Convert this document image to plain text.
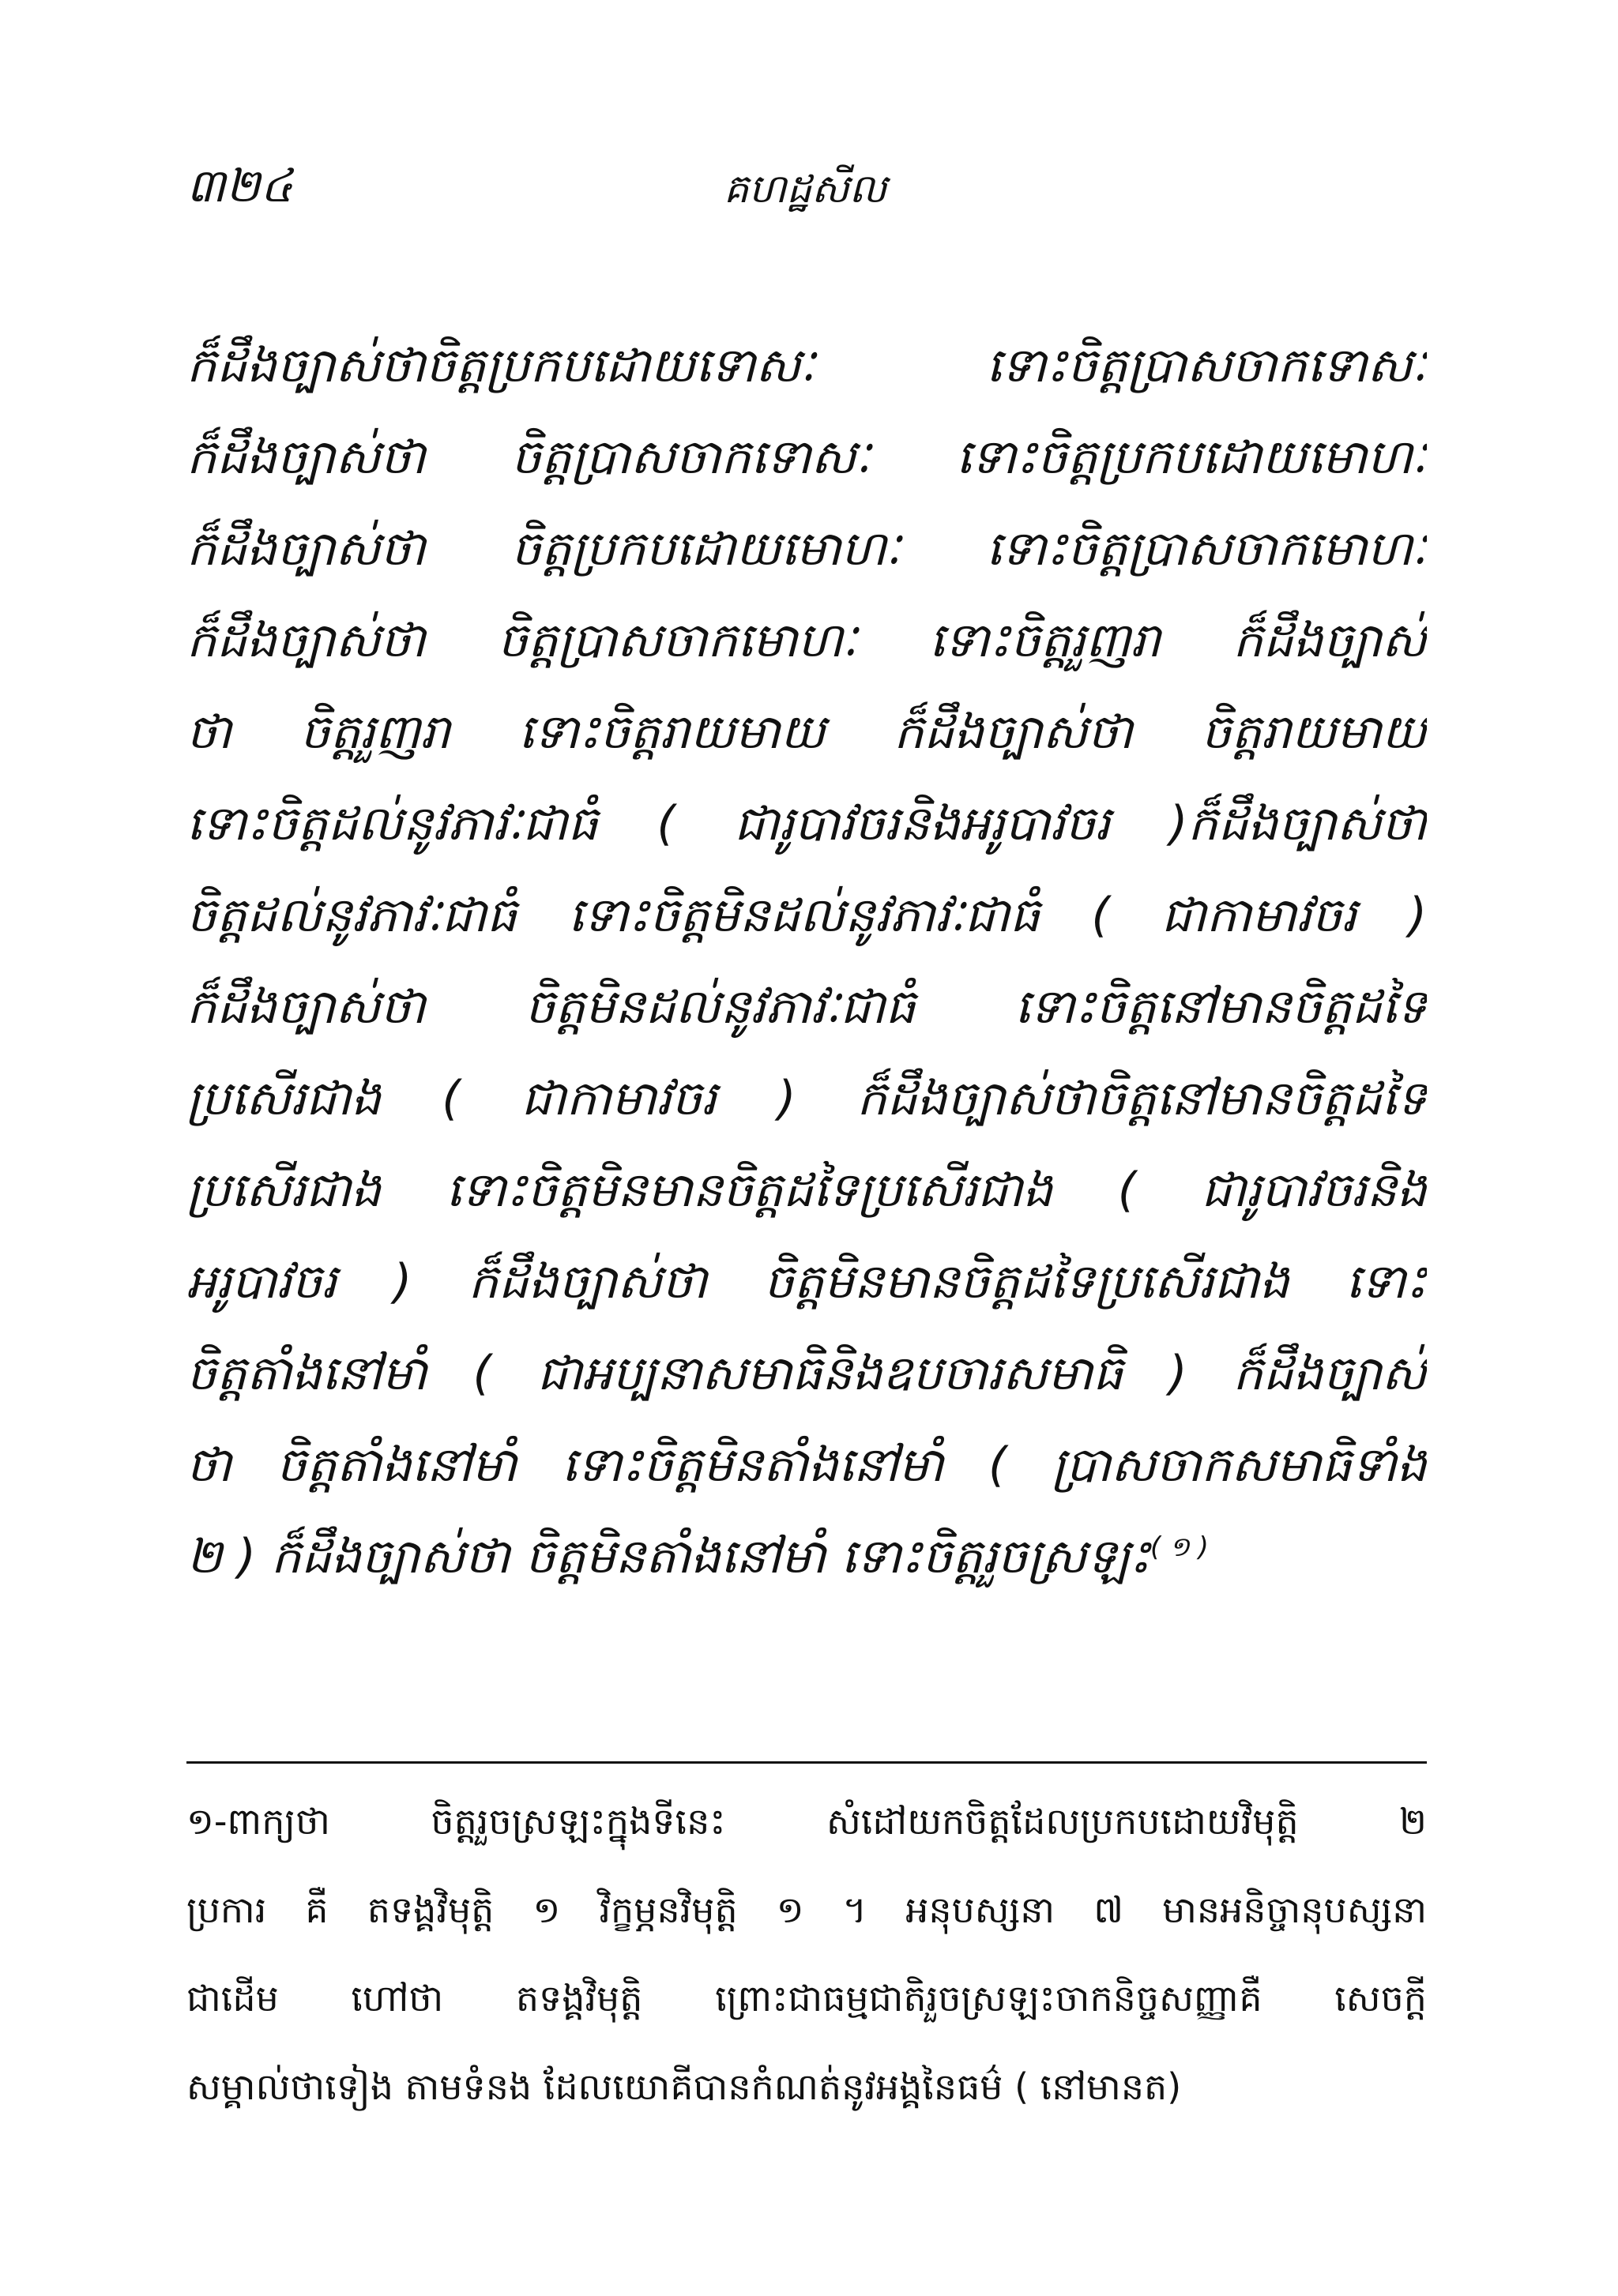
៣២៤	គហដ្ឋសីល
ក៏ដឹងច្បាស់ថាចិត្តប្រកបដោយទោសៈ ទោះចិត្តប្រាសចាកទោសៈ
ក៏ដឹងច្បាស់ថា ចិត្តប្រាសចាកទោសៈ ទោះចិត្តប្រកបដោយមោហៈ
ក៏ដឹងច្បាស់ថា ចិត្តប្រកបដោយមោហៈ ទោះចិត្តប្រាសចាកមោហៈ
ក៏ដឹងច្បាស់ថា ចិត្តប្រាសចាកមោហៈ ទោះចិត្តរួញរា ក៏ដឹងច្បាស់
ថា ចិត្តរួញរា ទោះចិត្តរាយមាយ ក៏ដឹងច្បាស់ថា ចិត្តរាយមាយ
ទោះចិត្តដល់នូវភាវៈជាធំ ( ជារូបាវចរនិងអរូបាវចរ )ក៏ដឹងច្បាស់ថា
ចិត្តដល់នូវភាវៈជាធំ ទោះចិត្តមិនដល់នូវភាវៈជាធំ ( ជាកាមាវចរ )
ក៏ដឹងច្បាស់ថា ចិត្តមិនដល់នូវភាវៈជាធំ ទោះចិត្តនៅមានចិត្តដទៃ
ប្រសើរជាង ( ជាកាមាវចរ ) ក៏ដឹងច្បាស់ថាចិត្តនៅមានចិត្តដទៃ
ប្រសើរជាង ទោះចិត្តមិនមានចិត្តដទៃប្រសើរជាង ( ជារូបាវចរនិង
អរូបាវចរ ) ក៏ដឹងច្បាស់ថា ចិត្តមិនមានចិត្តដទៃប្រសើរជាង ទោះ
ចិត្តតាំងនៅមាំ ( ជាអប្បនាសមាធិនិងឧបចារសមាធិ ) ក៏ដឹងច្បាស់
ថា ចិត្តតាំងនៅមាំ ទោះចិត្តមិនតាំងនៅមាំ ( ប្រាសចាកសមាធិទាំង
២ ) ក៏ដឹងច្បាស់ថា ចិត្តមិនតាំងនៅមាំ ទោះចិត្តរួចស្រឡះ$^{( ១ )}$
១-ពាក្យថា ចិត្តរួចស្រឡះក្នុងទីនេះ សំដៅយកចិត្តដែលប្រកបដោយវិមុត្តិ ២
ប្រការ គឺ តទង្គវិមុត្តិ ១ វិក្ខម្ភនវិមុត្តិ ១ ។ អនុបស្សនា ៧ មានអនិច្ចានុបស្សនា
ជាដើម ហៅថា តទង្គវិមុត្តិ ព្រោះជាធម្មជាតិរួចស្រឡះចាកនិច្ចសញ្ញាគឺ សេចក្តី
សម្គាល់ថាទៀង តាមទំនង ដែលយោគីបានកំណត់នូវអង្គនៃធម៌ ( នៅមានត)
